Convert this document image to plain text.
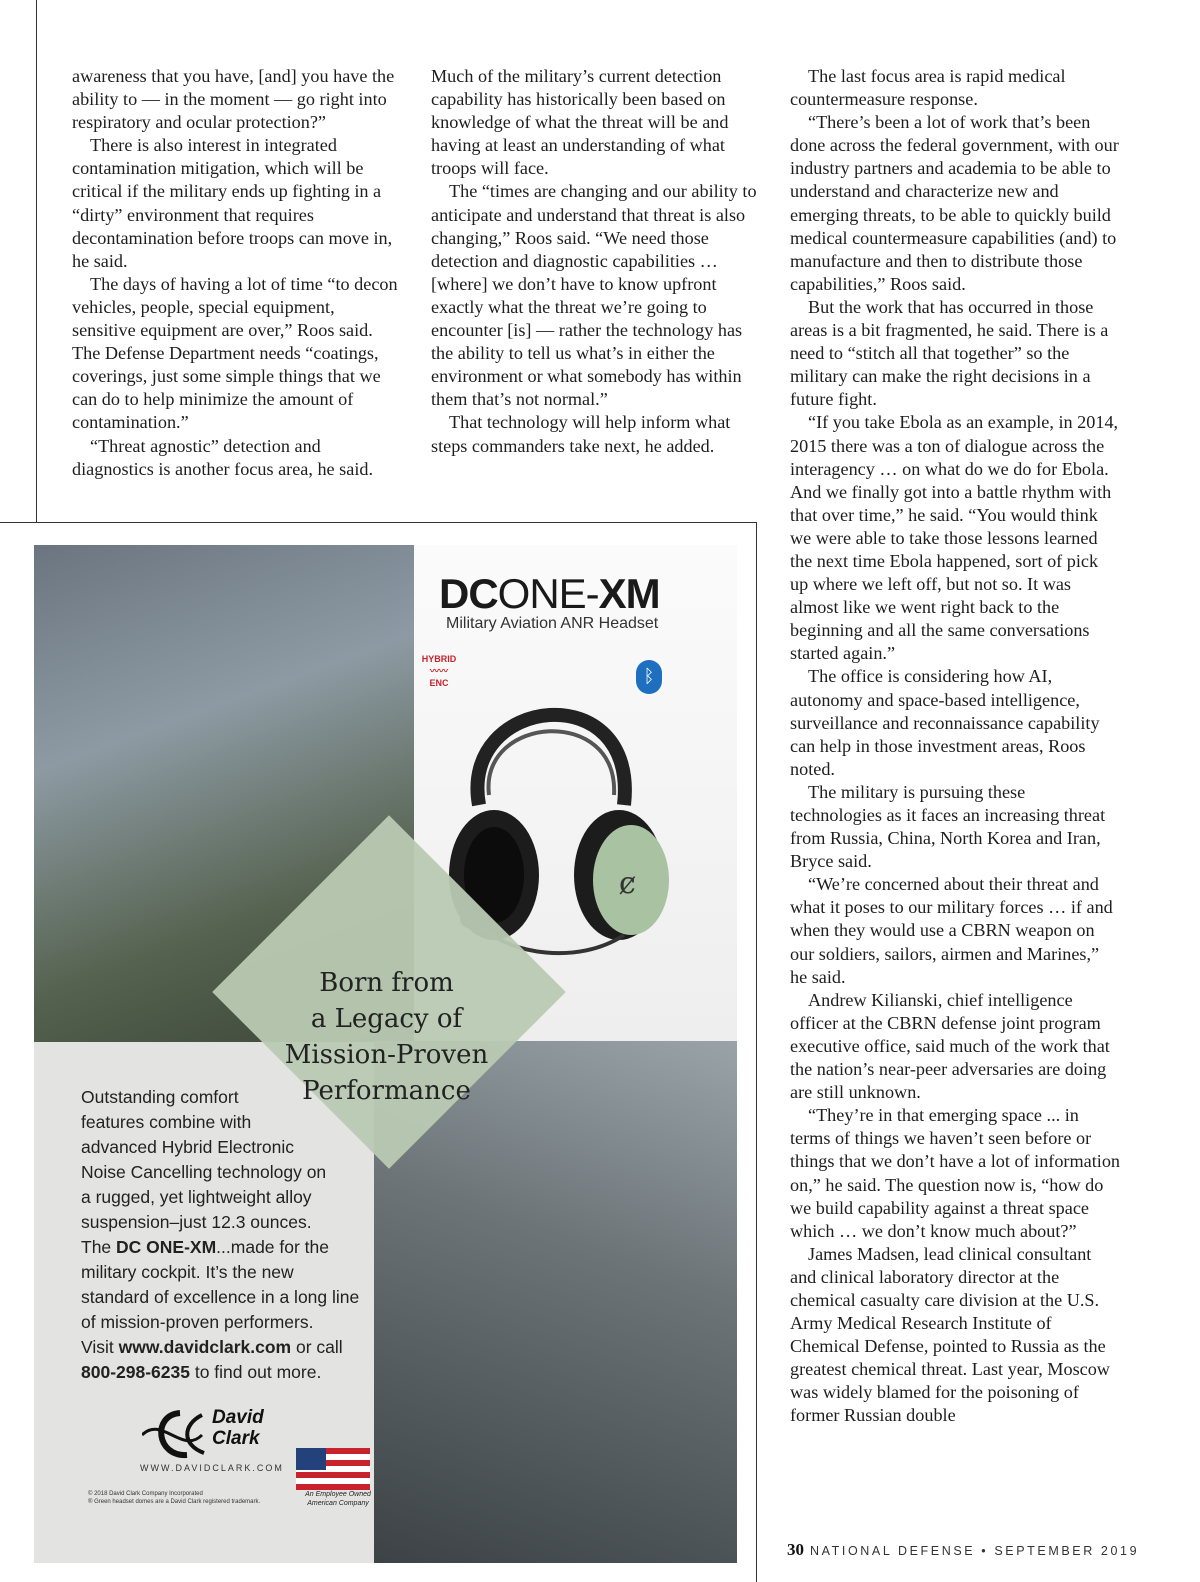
awareness that you have, [and] you have the ability to — in the moment — go right into respiratory and ocular protection?”

There is also interest in integrated contamination mitigation, which will be critical if the military ends up fighting in a “dirty” environment that requires decontamination before troops can move in, he said.

The days of having a lot of time “to decon vehicles, people, special equipment, sensitive equipment are over,” Roos said. The Defense Department needs “coatings, coverings, just some simple things that we can do to help minimize the amount of contamination.”

“Threat agnostic” detection and diagnostics is another focus area, he said.

Much of the military’s current detection capability has historically been based on knowledge of what the threat will be and having at least an understanding of what troops will face.

The “times are changing and our ability to anticipate and understand that threat is also changing,” Roos said. “We need those detection and diagnostic capabilities … [where] we don’t have to know upfront exactly what the threat we’re going to encounter [is] — rather the technology has the ability to tell us what’s in either the environment or what somebody has within them that’s not normal.”

That technology will help inform what steps commanders take next, he added.

The last focus area is rapid medical countermeasure response.

“There’s been a lot of work that’s been done across the federal government, with our industry partners and academia to be able to understand and characterize new and emerging threats, to be able to quickly build medical countermeasure capabilities (and) to manufacture and then to distribute those capabilities,” Roos said.

But the work that has occurred in those areas is a bit fragmented, he said. There is a need to “stitch all that together” so the military can make the right decisions in a future fight.

“If you take Ebola as an example, in 2014, 2015 there was a ton of dialogue across the interagency … on what do we do for Ebola. And we finally got into a battle rhythm with that over time,” he said. “You would think we were able to take those lessons learned the next time Ebola happened, sort of pick up where we left off, but not so. It was almost like we went right back to the beginning and all the same conversations started again.”

The office is considering how AI, autonomy and space-based intelligence, surveillance and reconnaissance capability can help in those investment areas, Roos noted.

The military is pursuing these technologies as it faces an increasing threat from Russia, China, North Korea and Iran, Bryce said.

“We’re concerned about their threat and what it poses to our military forces … if and when they would use a CBRN weapon on our soldiers, sailors, airmen and Marines,” he said.

Andrew Kilianski, chief intelligence officer at the CBRN defense joint program executive office, said much of the work that the nation’s near-peer adversaries are doing are still unknown.

“They’re in that emerging space ... in terms of things we haven’t seen before or things that we don’t have a lot of information on,” he said. The question now is, “how do we build capability against a threat space which … we don’t know much about?”

James Madsen, lead clinical consultant and clinical laboratory director at the chemical casualty care division at the U.S. Army Medical Research Institute of Chemical Defense, pointed to Russia as the greatest chemical threat. Last year, Moscow was widely blamed for the poisoning of former Russian double

DCONE-XM
Military Aviation ANR Headset
HYBRID
〰〰
ENC	ᛒ
ȼ
Born from
a Legacy of
Mission-Proven
Performance
Outstanding comfort
features combine with
advanced Hybrid Electronic
Noise Cancelling technology on
a rugged, yet lightweight alloy
suspension–just 12.3 ounces.
The DC ONE-XM...made for the
military cockpit. It’s the new
standard of excellence in a long line
of mission-proven performers.
Visit www.davidclark.com or call
800-298-6235 to find out more.
David
Clark
WWW.DAVIDCLARK.COM
© 2018 David Clark Company Incorporated
® Green headset domes are a David Clark registered trademark.
An Employee Owned
American Company
30 NATIONAL DEFENSE • SEPTEMBER 2019
